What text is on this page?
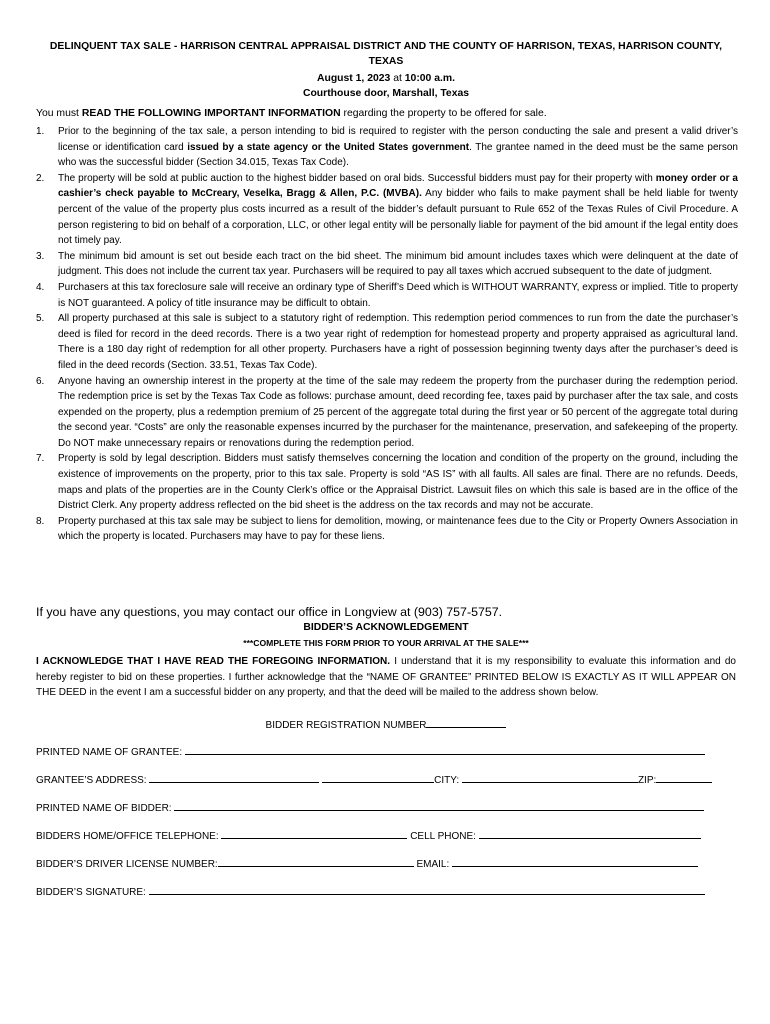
DELINQUENT TAX SALE - HARRISON CENTRAL APPRAISAL DISTRICT AND THE COUNTY OF HARRISON, TEXAS, HARRISON COUNTY, TEXAS

August 1, 2023 at 10:00 a.m.

Courthouse door, Marshall, Texas

You must READ THE FOLLOWING IMPORTANT INFORMATION regarding the property to be offered for sale.
1. Prior to the beginning of the tax sale, a person intending to bid is required to register with the person conducting the sale and present a valid driver’s license or identification card issued by a state agency or the United States government. The grantee named in the deed must be the same person who was the successful bidder (Section 34.015, Texas Tax Code).
2. The property will be sold at public auction to the highest bidder based on oral bids. Successful bidders must pay for their property with money order or a cashier’s check payable to McCreary, Veselka, Bragg & Allen, P.C. (MVBA). Any bidder who fails to make payment shall be held liable for twenty percent of the value of the property plus costs incurred as a result of the bidder’s default pursuant to Rule 652 of the Texas Rules of Civil Procedure. A person registering to bid on behalf of a corporation, LLC, or other legal entity will be personally liable for payment of the bid amount if the legal entity does not timely pay.
3. The minimum bid amount is set out beside each tract on the bid sheet. The minimum bid amount includes taxes which were delinquent at the date of judgment. This does not include the current tax year. Purchasers will be required to pay all taxes which accrued subsequent to the date of judgment.
4. Purchasers at this tax foreclosure sale will receive an ordinary type of Sheriff’s Deed which is WITHOUT WARRANTY, express or implied. Title to property is NOT guaranteed. A policy of title insurance may be difficult to obtain.
5. All property purchased at this sale is subject to a statutory right of redemption. This redemption period commences to run from the date the purchaser’s deed is filed for record in the deed records. There is a two year right of redemption for homestead property and property appraised as agricultural land. There is a 180 day right of redemption for all other property. Purchasers have a right of possession beginning twenty days after the purchaser’s deed is filed in the deed records (Section. 33.51, Texas Tax Code).
6. Anyone having an ownership interest in the property at the time of the sale may redeem the property from the purchaser during the redemption period. The redemption price is set by the Texas Tax Code as follows: purchase amount, deed recording fee, taxes paid by purchaser after the tax sale, and costs expended on the property, plus a redemption premium of 25 percent of the aggregate total during the first year or 50 percent of the aggregate total during the second year. “Costs” are only the reasonable expenses incurred by the purchaser for the maintenance, preservation, and safekeeping of the property. Do NOT make unnecessary repairs or renovations during the redemption period.
7. Property is sold by legal description. Bidders must satisfy themselves concerning the location and condition of the property on the ground, including the existence of improvements on the property, prior to this tax sale. Property is sold “AS IS” with all faults. All sales are final. There are no refunds. Deeds, maps and plats of the properties are in the County Clerk’s office or the Appraisal District. Lawsuit files on which this sale is based are in the office of the District Clerk. Any property address reflected on the bid sheet is the address on the tax records and may not be accurate.
8. Property purchased at this tax sale may be subject to liens for demolition, mowing, or maintenance fees due to the City or Property Owners Association in which the property is located. Purchasers may have to pay for these liens.
If you have any questions, you may contact our office in Longview at (903) 757-5757.
BIDDER’S ACKNOWLEDGEMENT
***COMPLETE THIS FORM PRIOR TO YOUR ARRIVAL AT THE SALE***

I ACKNOWLEDGE THAT I HAVE READ THE FOREGOING INFORMATION. I understand that it is my responsibility to evaluate this information and do hereby register to bid on these properties. I further acknowledge that the “NAME OF GRANTEE” PRINTED BELOW IS EXACTLY AS IT WILL APPEAR ON THE DEED in the event I am a successful bidder on any property, and that the deed will be mailed to the address shown below.

BIDDER REGISTRATION NUMBER
PRINTED NAME OF GRANTEE:
GRANTEE’S ADDRESS:	CITY:	ZIP:
PRINTED NAME OF BIDDER:
BIDDERS HOME/OFFICE TELEPHONE:	CELL PHONE:
BIDDER’S DRIVER LICENSE NUMBER:	EMAIL:
BIDDER’S SIGNATURE:
